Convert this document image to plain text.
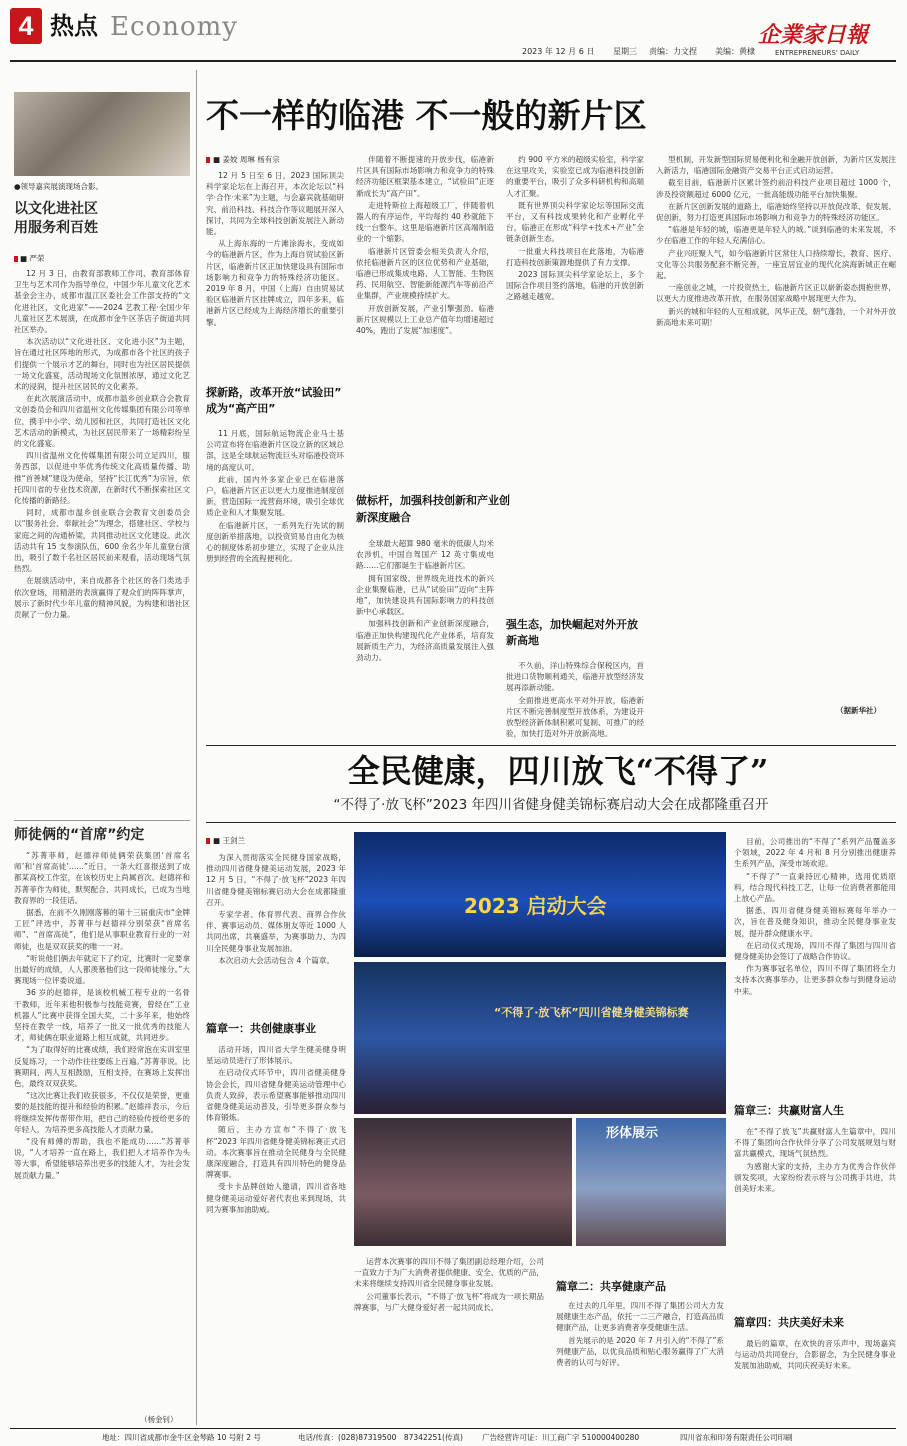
4 热点 Economy
2023 年 12 月 6 日 星期三 责编：力文捏 美编：黄棣
企業家日報
ENTREPRENEURS' DAILY
●领导嘉宾展演现场合影。
以文化进社区
用服务利百姓
■ 严荣

12 月 3 日，由教育部教师工作司、教育部体育卫生与艺术司作为指导单位，中国少年儿童文化艺术基金会主办，成都市温江区委社会工作部支持的“文化进社区，文化进家”——2024 艺教工程·全国少年儿童社区艺术展演，在成都市金牛区茶店子街道共同社区举办。

本次活动以“文化进社区、文化进小区”为主题，旨在通过社区阵地的形式，为成都市各个社区的孩子们提供一个展示才艺的舞台，同时也为社区居民提供一场文化盛宴，活动现场文化氛围浓厚，通过文化艺术的浸润，提升社区居民的文化素养。

在此次展演活动中，成都市温乡创业联合会教育文创委员会和四川省温州文化传媒集团有限公司等单位，携手中小学、幼儿园和社区，共同打造社区文化艺术活动的新模式，为社区居民带来了一场精彩纷呈的文化盛宴。

四川省温州文化传媒集团有限公司立足四川，服务西部，以促进中华优秀传统文化高质量传播、助推“首善城”建设为使命，坚持“长江优秀”为宗旨，依托四川省的专业技术资源，在新时代不断探索社区文化传播的新路径。

同时，成都市温乡创业联合会教育文创委员会以“服务社会、奉献社会”为理念，搭建社区、学校与家庭之间的沟通桥梁，共同推动社区文化建设。此次活动共有 15 支参演队伍，600 余名少年儿童登台演出，吸引了数千名社区居民前来观看，活动现场气氛热烈。

在展演活动中，来自成都各个社区的各门类选手依次登场，用精湛的表演赢得了观众们的阵阵掌声，展示了新时代少年儿童的精神风貌，为构建和谐社区贡献了一份力量。

师徒俩的“首席”约定

“苏菁菲师，赵德祥师徒俩荣获集团‘首席名师’和‘首席高徒’……”近日，一条大红喜报送到了成都某高校工作室，在该校历史上尚属首次。赵德祥和苏菁菲作为师徒，默契配合、共同成长，已成为当地教育界的一段佳话。

据悉，在前不久刚刚落幕的第十三届重庆市“金牌工匠”评选中，苏菁菲与赵德祥分别荣获“首席名师”、“首席高徒”，他们是从事职业教育行业的一对师徒，也是双双获奖的唯一一对。

“听说他们俩去年就定下了约定，比赛时一定要拿出最好的成绩，人人都羡慕他们这一段师徒缘分。”大赛现场一位评委说道。

36 岁的赵德祥，是该校机械工程专业的一名骨干教师，近年来他积极参与技能竞赛，曾经在“工业机器人”比赛中获得全国大奖，二十多年来，他始终坚持在教学一线，培养了一批又一批优秀的技能人才，师徒俩在职业道路上相互成就，共同进步。

“为了取得好的比赛成绩，我们经常泡在实训室里反复练习，一个动作往往要练上百遍。”苏菁菲说。比赛期间，两人互相鼓励，互相支持，在赛场上发挥出色，最终双双获奖。

“这次比赛让我们收获很多，不仅仅是荣誉，更重要的是技能的提升和经验的积累。”赵德祥表示，今后将继续发挥传帮带作用，把自己的经验传授给更多的年轻人，为培养更多高技能人才贡献力量。

“没有师傅的帮助，我也不能成功……”苏菁菲说，“人才培养一直在路上，我们把人才培养作为头等大事，希望能够培养出更多的技能人才，为社会发展贡献力量。”

（杨金钊）
不一样的临港 不一般的新片区
■ 姜姣 周琳 杨有宗

12 月 5 日至 6 日，2023 国际顶尖科学家论坛在上海召开，本次论坛以“科学·合作·未来”为主题，与会嘉宾就基础研究、前沿科技、科技合作等议题展开深入探讨，共同为全球科技创新发展注入新动能。

从上海东海的一片滩涂海水，变成如今的临港新片区，作为上海自贸试验区新片区，临港新片区正加快建设具有国际市场影响力和竞争力的特殊经济功能区。2019 年 8 月，中国（上海）自由贸易试验区临港新片区挂牌成立，四年多来，临港新片区已经成为上海经济增长的重要引擎。

探新路，改革开放“试验田”
成为“高产田”

11 月底，国际航运物流企业马士基公司宣布将在临港新片区设立新的区域总部，这是全球航运物流巨头对临港投资环境的高度认可。

此前，国内外多家企业已在临港落户，临港新片区正以更大力度推进制度创新，营造国际一流营商环境，吸引全球优质企业和人才集聚发展。

在临港新片区，一系列先行先试的制度创新举措落地，以投资贸易自由化为核心的制度体系初步建立，实现了企业从注册到经营的全流程便利化。

伴随着不断提速的开放步伐，临港新片区具有国际市场影响力和竞争力的特殊经济功能区框架基本建立，“试验田”正逐渐成长为“高产田”。

走进特斯拉上海超级工厂，伴随着机器人的有序运作，平均每约 40 秒就能下线一台整车。这里是临港新片区高端制造业的一个缩影。

临港新片区管委会相关负责人介绍，依托临港新片区的区位优势和产业基础，临港已形成集成电路、人工智能、生物医药、民用航空、智能新能源汽车等前沿产业集群，产业规模持续扩大。

开放创新发展，产业引擎强劲。临港新片区规模以上工业总产值年均增速超过 40%，跑出了发展“加速度”。

做标杆，加强科技创新和产业创
新深度融合

全球最大超算 980 毫米的低碳人均米农涉机，中国自驾国产 12 英寸集成电路……它们都诞生于临港新片区。

拥有国家级、世界级先进技术的新兴企业集聚临港，已从“试验田”迈向“主阵地”，加快建设具有国际影响力的科技创新中心承载区。

加强科技创新和产业创新深度融合，临港正加快构建现代化产业体系，培育发展新质生产力，为经济高质量发展注入强劲动力。

约 900 平方米的超级实验室，科学家在这里攻关，实验室已成为临港科技创新的重要平台，吸引了众多科研机构和高端人才汇聚。

既有世界顶尖科学家论坛等国际交流平台，又有科技成果转化和产业孵化平台，临港正在形成“科学+技术+产业”全链条创新生态。

一批重大科技项目在此落地，为临港打造科技创新策源地提供了有力支撑。

2023 国际顶尖科学家论坛上，多个国际合作项目签约落地，临港的开放创新之路越走越宽。

强生态，加快崛起对外开放
新高地

不久前，洋山特殊综合保税区内，首批进口货物顺利通关，临港开放型经济发展再添新动能。

全面推进更高水平对外开放，临港新片区不断完善制度型开放体系，为建设开放型经济新体制积累可复制、可推广的经验，加快打造对外开放新高地。

型机制，开发新型国际贸易便利化和金融开放创新，为新片区发展注入新活力，临港国际金融资产交易平台正式启动运营。

截至目前，临港新片区累计签约前沿科技产业项目超过 1000 个，涉及投资额超过 6000 亿元，一批高能级功能平台加快集聚。

在新片区创新发展的道路上，临港始终坚持以开放促改革、促发展、促创新，努力打造更具国际市场影响力和竞争力的特殊经济功能区。

“临港是年轻的城，临港更是年轻人的城。”谈到临港的未来发展，不少在临港工作的年轻人充满信心。

产业兴旺聚人气，如今临港新片区常住人口持续增长，教育、医疗、文化等公共服务配套不断完善，一座宜居宜业的现代化滨海新城正在崛起。

一座创业之城，一片投资热土，临港新片区正以崭新姿态拥抱世界，以更大力度推进改革开放，在服务国家战略中展现更大作为。

新兴的城和年轻的人互相成就，风华正茂，朝气蓬勃，一个对外开放新高地未来可期！

（据新华社）
全民健康，四川放飞“不得了”
“不得了·放飞杯”2023 年四川省健身健美锦标赛启动大会在成都隆重召开
■ 王剑兰

为深入贯彻落实全民健身国家战略，推动四川省健身健美运动发展，2023 年 12 月 5 日，“不得了·放飞杯”2023 年四川省健身健美锦标赛启动大会在成都隆重召开。

专家学者、体育界代表、商界合作伙伴、赛事运动员、媒体朋友等近 1000 人共同出席，共襄盛举，为赛事助力、为四川全民健身事业发展加油。

本次启动大会活动包含 4 个篇章。

篇章一：共创健康事业

活动开场，四川省大学生健美健身明星运动员进行了形体展示。

在启动仪式环节中，四川省健美健身协会会长，四川省健身健美运动管理中心负责人致辞，表示希望赛事能够推动四川省健身健美运动普及，引导更多群众参与体育锻炼。

随后，主办方宣布“不得了·放飞杯”2023 年四川省健身健美锦标赛正式启动。本次赛事旨在推动全民健身与全民健康深度融合，打造具有四川特色的健身品牌赛事。

受卡卡品牌创始人邀请，四川省各地健身健美运动爱好者代表也来到现场，共同为赛事加油助威。

2023 启动大会
“不得了·放飞杯”四川省健身健美锦标赛
形体展示

运营本次赛事的四川不得了集团副总经理介绍，公司一直致力于为广大消费者提供健康、安全、优质的产品，未来将继续支持四川省全民健身事业发展。

公司董事长表示，“不得了·放飞杯”将成为一项长期品牌赛事，与广大健身爱好者一起共同成长。

篇章二：共享健康产品

在过去的几年里，四川不得了集团公司大力发展健康生态产品，依托一二三产融合，打造高品质健康产品，让更多消费者享受健康生活。

首先展示的是 2020 年 7 月引入的“不得了”系列健康产品，以优良品质和贴心服务赢得了广大消费者的认可与好评。

目前，公司推出的“不得了”系列产品覆盖多个领域，2022 年 4 月和 8 月分别推出健康养生系列产品，深受市场欢迎。

“不得了”一直秉持匠心精神，选用优质原料，结合现代科技工艺，让每一位消费者都能用上放心产品。

据悉，四川省健身健美锦标赛每年举办一次，旨在普及健身知识，推动全民健身事业发展，提升群众健康水平。

在启动仪式现场，四川不得了集团与四川省健身健美协会签订了战略合作协议。

作为赛事冠名单位，四川不得了集团将全力支持本次赛事举办，让更多群众参与到健身运动中来。

篇章三：共赢财富人生

在“不得了放飞”共赢财富人生篇章中，四川不得了集团向合作伙伴分享了公司发展规划与财富共赢模式，现场气氛热烈。

为感谢大家的支持，主办方为优秀合作伙伴颁发奖项，大家纷纷表示将与公司携手共进，共创美好未来。

篇章四：共庆美好未来

最后的篇章，在欢快的音乐声中，现场嘉宾与运动员共同登台，合影留念，为全民健身事业发展加油助威，共同庆祝美好未来。

地址：四川省成都市金牛区金琴路 10 号附 2 号	电话/传真：(028)87319500　87342251(传真)	广告经营许可证：川工商广字 510000400280	四川省东和印务有限责任公司印刷
